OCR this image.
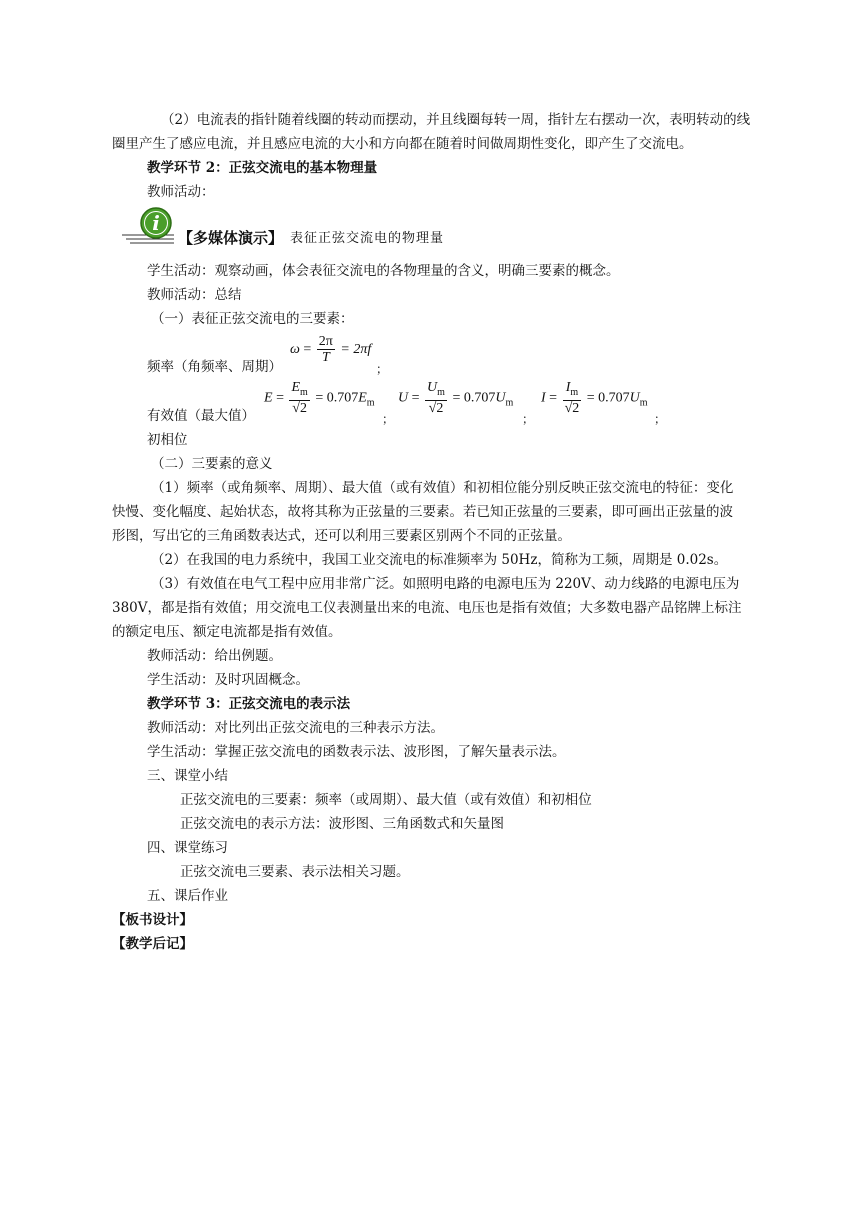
（2）电流表的指针随着线圈的转动而摆动，并且线圈每转一周，指针左右摆动一次，表明转动的线
圈里产生了感应电流，并且感应电流的大小和方向都在随着时间做周期性变化，即产生了交流电。
教学环节 2：正弦交流电的基本物理量
教师活动：
i
【多媒体演示】 表征正弦交流电的物理量
学生活动：观察动画，体会表征交流电的各物理量的含义，明确三要素的概念。
教师活动：总结
（一）表征正弦交流电的三要素：
频率（角频率、周期）
$\omega = \frac{2\pi}{T} = 2\pi f$
；
有效值（最大值）
$E = \frac{E_m}{√2} = 0.707E_m$
；
$U = \frac{U_m}{√2} = 0.707U_m$
；
$I = \frac{I_m}{√2} = 0.707U_m$
；
初相位
（二）三要素的意义
（1）频率（或角频率、周期）、最大值（或有效值）和初相位能分别反映正弦交流电的特征：变化
快慢、变化幅度、起始状态，故将其称为正弦量的三要素。若已知正弦量的三要素，即可画出正弦量的波
形图，写出它的三角函数表达式，还可以利用三要素区别两个不同的正弦量。
（2）在我国的电力系统中，我国工业交流电的标准频率为 50Hz，简称为工频，周期是 0.02s。
（3）有效值在电气工程中应用非常广泛。如照明电路的电源电压为 220V、动力线路的电源电压为
380V，都是指有效值；用交流电工仪表测量出来的电流、电压也是指有效值；大多数电器产品铭牌上标注
的额定电压、额定电流都是指有效值。
教师活动：给出例题。
学生活动：及时巩固概念。
教学环节 3：正弦交流电的表示法
教师活动：对比列出正弦交流电的三种表示方法。
学生活动：掌握正弦交流电的函数表示法、波形图，了解矢量表示法。
三、课堂小结
正弦交流电的三要素：频率（或周期）、最大值（或有效值）和初相位
正弦交流电的表示方法：波形图、三角函数式和矢量图
四、课堂练习
正弦交流电三要素、表示法相关习题。
五、课后作业
【板书设计】
【教学后记】
